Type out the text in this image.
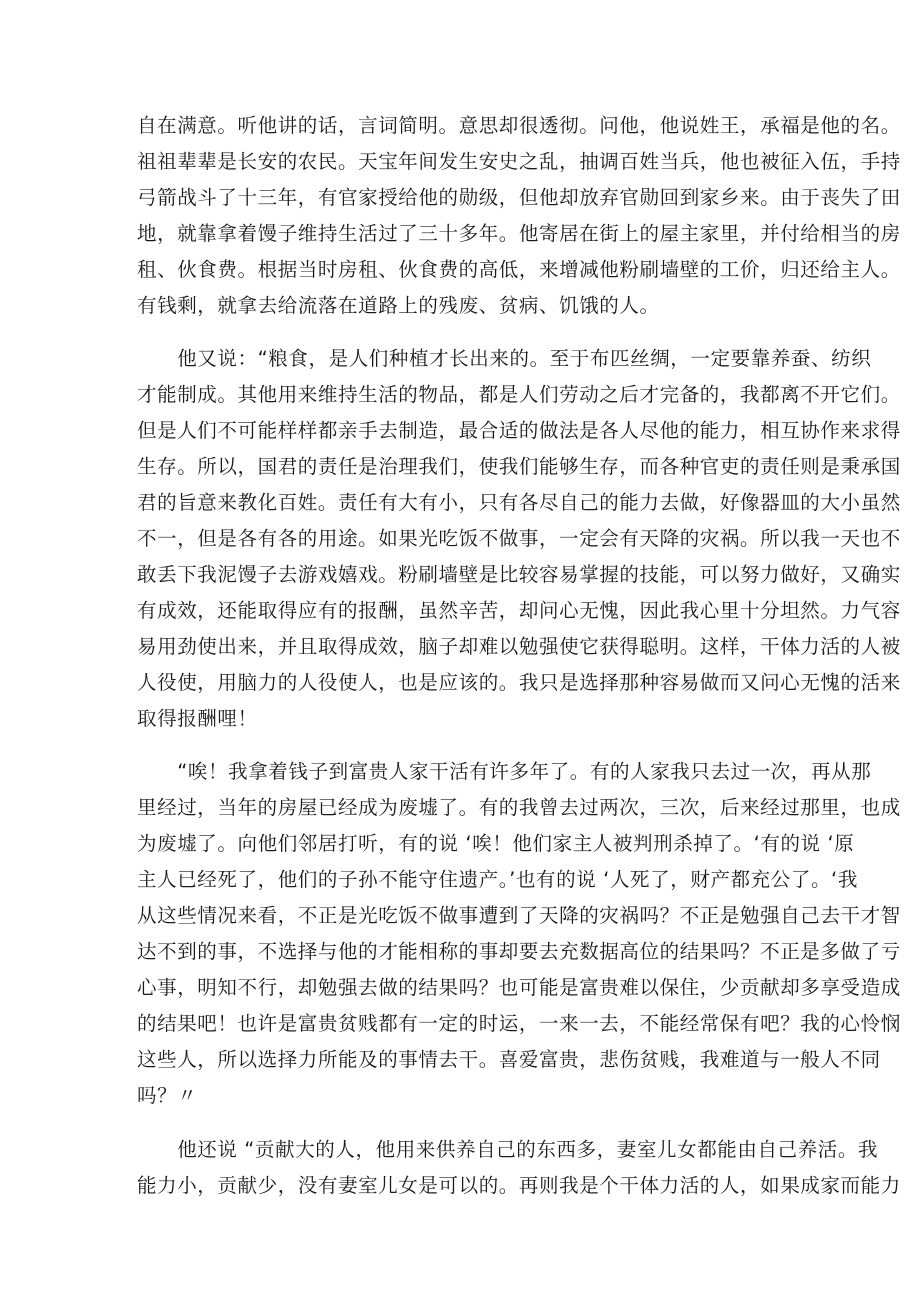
自在满意。听他讲的话，言词简明。意思却很透彻。问他，他说姓王，承福是他的名。
祖祖辈辈是长安的农民。天宝年间发生安史之乱，抽调百姓当兵，他也被征入伍，手持
弓箭战斗了十三年，有官家授给他的勋级，但他却放弃官勋回到家乡来。由于丧失了田
地，就靠拿着馒子维持生活过了三十多年。他寄居在街上的屋主家里，并付给相当的房
租、伙食费。根据当时房租、伙食费的高低，来增减他粉刷墙壁的工价，归还给主人。
有钱剩，就拿去给流落在道路上的残废、贫病、饥饿的人。

　　他又说：“粮食，是人们种植才长出来的。至于布匹丝绸，一定要靠养蚕、纺织
才能制成。其他用来维持生活的物品，都是人们劳动之后才完备的，我都离不开它们。
但是人们不可能样样都亲手去制造，最合适的做法是各人尽他的能力，相互协作来求得
生存。所以，国君的责任是治理我们，使我们能够生存，而各种官吏的责任则是秉承国
君的旨意来教化百姓。责任有大有小，只有各尽自己的能力去做，好像器皿的大小虽然
不一，但是各有各的用途。如果光吃饭不做事，一定会有天降的灾祸。所以我一天也不
敢丢下我泥馒子去游戏嬉戏。粉刷墙壁是比较容易掌握的技能，可以努力做好，又确实
有成效，还能取得应有的报酬，虽然辛苦，却问心无愧，因此我心里十分坦然。力气容
易用劲使出来，并且取得成效，脑子却难以勉强使它获得聪明。这样，干体力活的人被
人役使，用脑力的人役使人，也是应该的。我只是选择那种容易做而又问心无愧的活来
取得报酬哩！

　　“唉！我拿着钱子到富贵人家干活有许多年了。有的人家我只去过一次，再从那
里经过，当年的房屋已经成为废墟了。有的我曾去过两次，三次，后来经过那里，也成
为废墟了。向他们邻居打听，有的说 ‘唉！他们家主人被判刑杀掉了。‘有的说 ‘原
主人已经死了，他们的子孙不能守住遗产。’也有的说 ‘人死了，财产都充公了。‘我
从这些情况来看，不正是光吃饭不做事遭到了天降的灾祸吗？不正是勉强自己去干才智
达不到的事，不选择与他的才能相称的事却要去充数据高位的结果吗？不正是多做了亏
心事，明知不行，却勉强去做的结果吗？也可能是富贵难以保住，少贡献却多享受造成
的结果吧！也许是富贵贫贱都有一定的时运，一来一去，不能经常保有吧？我的心怜悯
这些人，所以选择力所能及的事情去干。喜爱富贵，悲伤贫贱，我难道与一般人不同
吗？〃

　　他还说 “贡献大的人，他用来供养自己的东西多，妻室儿女都能由自己养活。我
能力小，贡献少，没有妻室儿女是可以的。再则我是个干体力活的人，如果成家而能力
